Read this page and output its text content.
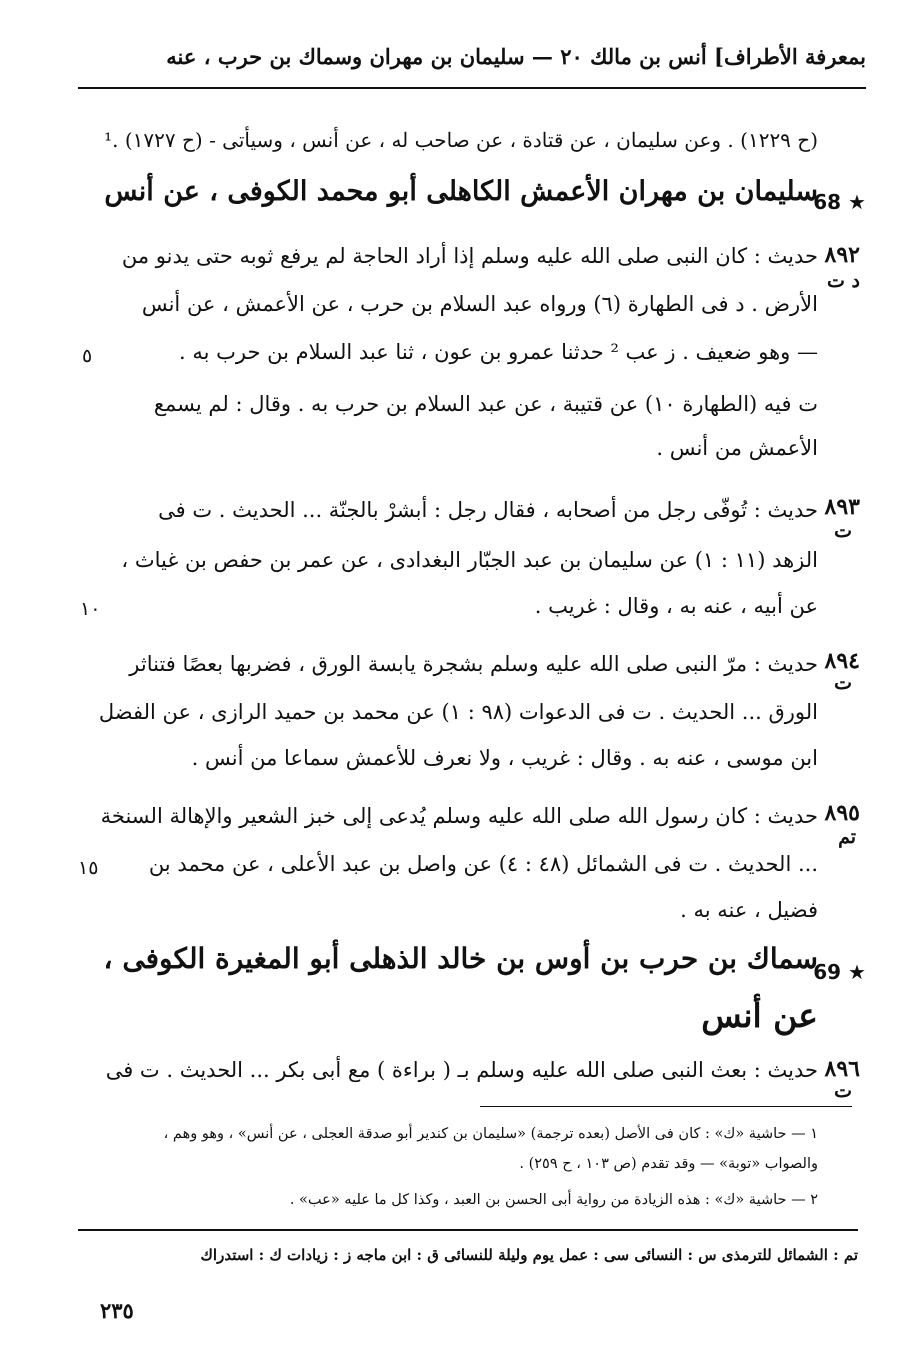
بمعرفة الأطراف] أنس بن مالك ٢٠ — سليمان بن مهران وسماك بن حرب ، عنه
(ح ١٢٢٩) . وعن سليمان ، عن قتادة ، عن صاحب له ، عن أنس ، وسيأتى - (ح ١٧٢٧) .¹
★ 68
سليمان بن مهران الأعمش الكاهلى أبو محمد الكوفى ، عن أنس
٨٩٢
د ت
حديث : كان النبى صلى الله عليه وسلم إذا أراد الحاجة لم يرفع ثوبه حتى يدنو من
الأرض . د فى الطهارة (٦) ورواه عبد السلام بن حرب ، عن الأعمش ، عن أنس
— وهو ضعيف . ز عب ² حدثنا عمرو بن عون ، ثنا عبد السلام بن حرب به .
٥
ت فيه (الطهارة ١٠) عن قتيبة ، عن عبد السلام بن حرب به . وقال : لم يسمع
الأعمش من أنس .
٨٩٣
ت
حديث : تُوفّى رجل من أصحابه ، فقال رجل : أبشرْ بالجنّة ... الحديث . ت فى
الزهد (١١ : ١) عن سليمان بن عبد الجبّار البغدادى ، عن عمر بن حفص بن غياث ،
عن أبيه ، عنه به ، وقال : غريب .
١٠
٨٩٤
ت
حديث : مرّ النبى صلى الله عليه وسلم بشجرة يابسة الورق ، فضربها بعصًا فتناثر
الورق ... الحديث . ت فى الدعوات (٩٨ : ١) عن محمد بن حميد الرازى ، عن الفضل
ابن موسى ، عنه به . وقال : غريب ، ولا نعرف للأعمش سماعا من أنس .
٨٩٥
تم
حديث : كان رسول الله صلى الله عليه وسلم يُدعى إلى خبز الشعير والإهالة السنخة
... الحديث . ت فى الشمائل (٤٨ : ٤) عن واصل بن عبد الأعلى ، عن محمد بن
١٥
فضيل ، عنه به .
★ 69
سماك بن حرب بن أوس بن خالد الذهلى أبو المغيرة الكوفى ،
عن أنس
٨٩٦
ت
حديث : بعث النبى صلى الله عليه وسلم بـ ( براءة ) مع أبى بكر ... الحديث . ت فى
١ — حاشية «ك» : كان فى الأصل (بعده ترجمة) «سليمان بن كندير أبو صدقة العجلى ، عن أنس» ، وهو وهم ،
والصواب «توبة» — وقد تقدم (ص ١٠٣ ، ح ٢٥٩) .
٢ — حاشية «ك» : هذه الزيادة من رواية أبى الحسن بن العبد ، وكذا كل ما عليه «عب» .
تم : الشمائل للترمذى س : النسائى سى : عمل يوم وليلة للنسائى ق : ابن ماجه ز : زيادات ك : استدراك
٢٣٥
